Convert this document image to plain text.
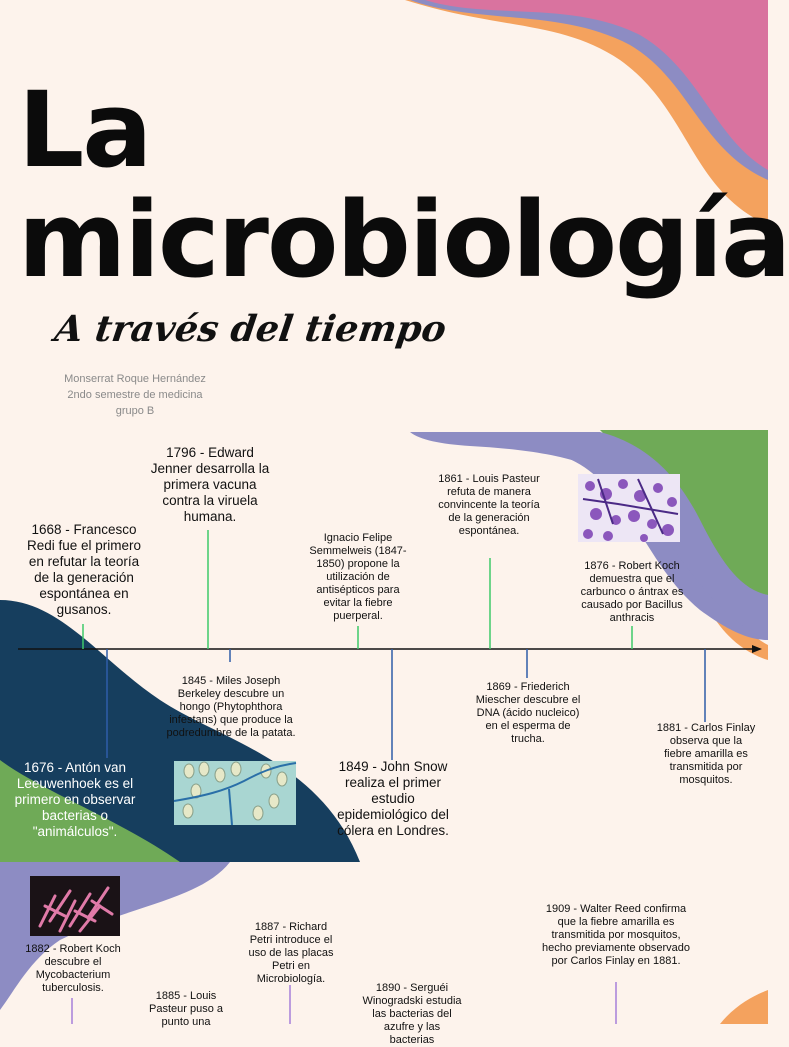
La
microbiología
A través del tiempo
Monserrat Roque Hernández
2ndo semestre de medicina
grupo B
1668 - Francesco Redi fue el primero en refutar la teoría de la generación espontánea en gusanos.
1676 - Antón van Leeuwenhoek es el primero en observar bacterias o "animálculos".
1796 - Edward Jenner desarrolla la primera vacuna contra la viruela humana.
1845 - Miles Joseph Berkeley descubre un hongo (Phytophthora infestans) que produce la podredumbre de la patata.
Ignacio Felipe Semmelweis (1847-1850) propone la utilización de antisépticos para evitar la fiebre puerperal.
1849 - John Snow realiza el primer estudio epidemiológico del cólera en Londres.
1861 - Louis Pasteur refuta de manera convincente la teoría de la generación espontánea.
1869 - Friederich Miescher descubre el DNA (ácido nucleico) en el esperma de trucha.
1876 - Robert Koch demuestra que el carbunco o ántrax es causado por Bacillus anthracis
1881 - Carlos Finlay observa que la fiebre amarilla es transmitida por mosquitos.
1882 - Robert Koch descubre el Mycobacterium tuberculosis.
1885 - Louis Pasteur puso a punto una
1887 - Richard Petri introduce el uso de las placas Petri en Microbiología.
1890 - Serguéi Winogradski estudia las bacterias del azufre y las bacterias
1909 - Walter Reed confirma que la fiebre amarilla es transmitida por mosquitos, hecho previamente observado por Carlos Finlay en 1881.
